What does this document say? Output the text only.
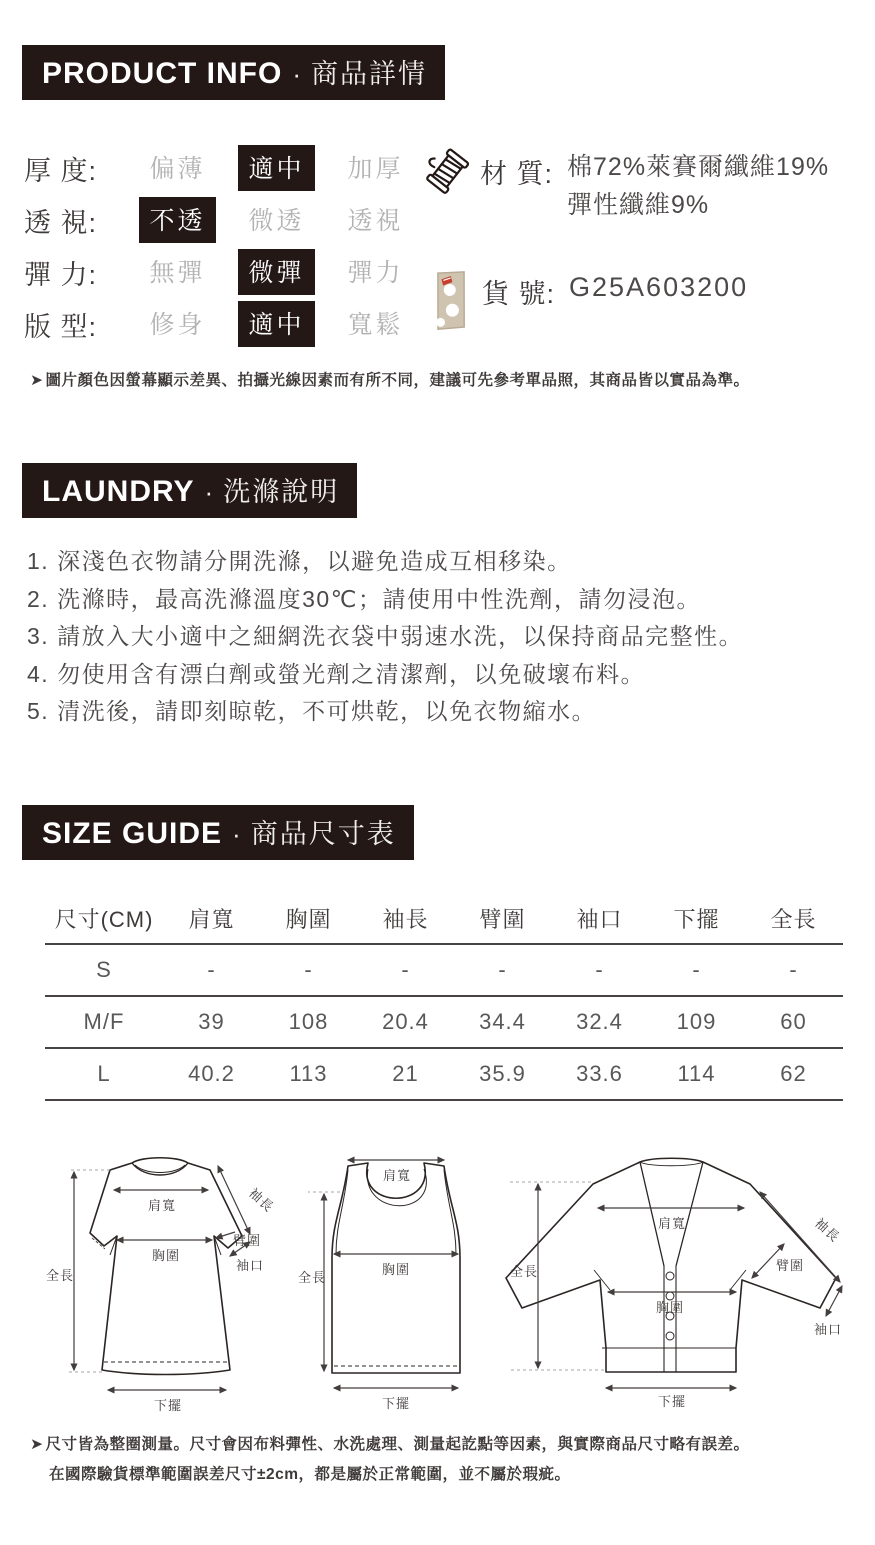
PRODUCT INFO · 商品詳情
厚 度:	偏薄	適中	加厚
透 視:	不透	微透	透視
彈 力:	無彈	微彈	彈力
版 型:	修身	適中	寬鬆
材 質: 棉72%萊賽爾纖維19%
彈性纖維9%
貨 號: G25A603200
➤ 圖片顏色因螢幕顯示差異、拍攝光線因素而有所不同，建議可先參考單品照，其商品皆以實品為準。
LAUNDRY · 洗滌說明
1. 深淺色衣物請分開洗滌，以避免造成互相移染。
2. 洗滌時，最高洗滌溫度30℃；請使用中性洗劑，請勿浸泡。
3. 請放入大小適中之細網洗衣袋中弱速水洗，以保持商品完整性。
4. 勿使用含有漂白劑或螢光劑之清潔劑，以免破壞布料。
5. 清洗後，請即刻晾乾，不可烘乾，以免衣物縮水。
SIZE GUIDE · 商品尺寸表
尺寸(CM)	肩寬	胸圍	袖長	臂圍	袖口	下擺	全長
S	-	-	-	-	-	-	-
M/F	39	108	20.4	34.4	32.4	109	60
L	40.2	113	21	35.9	33.6	114	62
全長
肩寬
胸圍
袖長
臂圍
袖口
下擺
肩寬
全長
胸圍
下擺
全長
肩寬	袖長
臂圍
胸圍
袖口
下擺
➤ 尺寸皆為整圈測量。尺寸會因布料彈性、水洗處理、測量起訖點等因素，與實際商品尺寸略有誤差。
在國際驗貨標準範圍誤差尺寸±2cm，都是屬於正常範圍，並不屬於瑕疵。
